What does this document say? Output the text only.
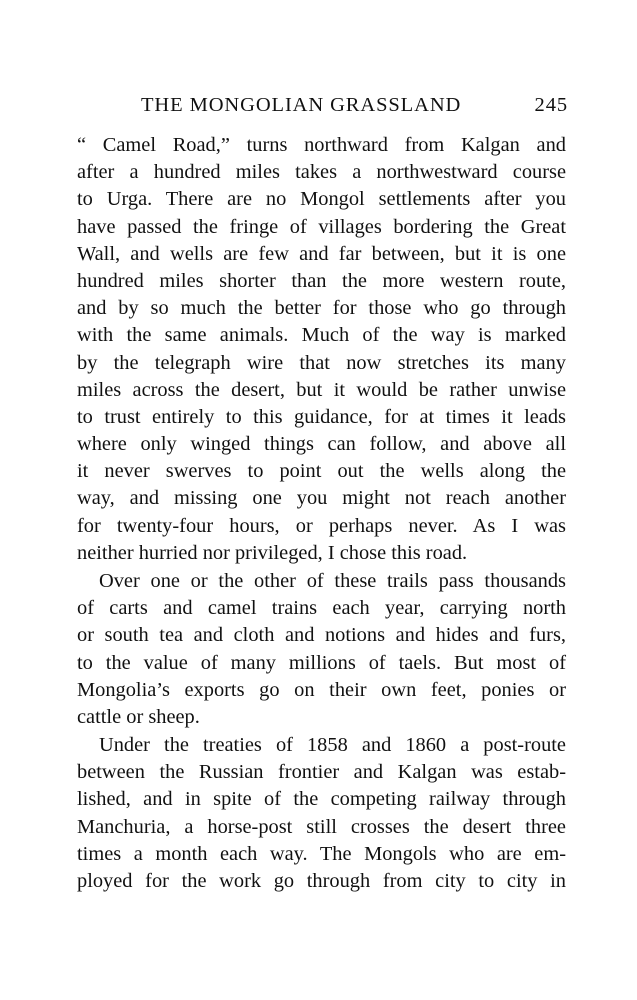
THE MONGOLIAN GRASSLAND	245
“ Camel Road,” turns northward from Kalgan and
after a hundred miles takes a northwestward course
to Urga. There are no Mongol settlements after you
have passed the fringe of villages bordering the Great
Wall, and wells are few and far between, but it is one
hundred miles shorter than the more western route,
and by so much the better for those who go through
with the same animals. Much of the way is marked
by the telegraph wire that now stretches its many
miles across the desert, but it would be rather unwise
to trust entirely to this guidance, for at times it leads
where only winged things can follow, and above all
it never swerves to point out the wells along the
way, and missing one you might not reach another
for twenty-four hours, or perhaps never. As I was
neither hurried nor privileged, I chose this road.
Over one or the other of these trails pass thousands
of carts and camel trains each year, carrying north
or south tea and cloth and notions and hides and furs,
to the value of many millions of taels. But most of
Mongolia’s exports go on their own feet, ponies or
cattle or sheep.
Under the treaties of 1858 and 1860 a post-route
between the Russian frontier and Kalgan was estab-
lished, and in spite of the competing railway through
Manchuria, a horse-post still crosses the desert three
times a month each way. The Mongols who are em-
ployed for the work go through from city to city in
